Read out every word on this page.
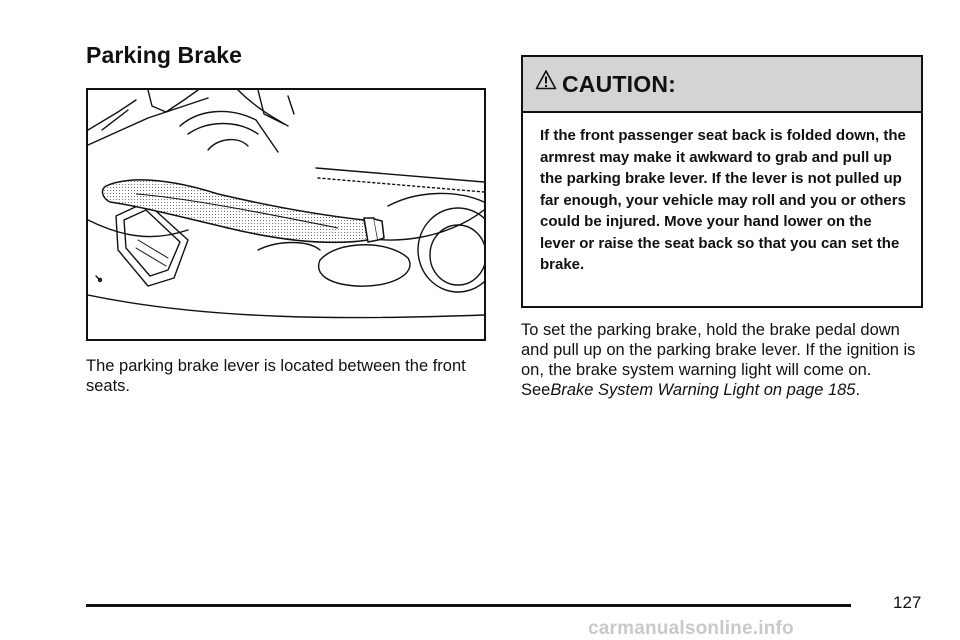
Parking Brake

The parking brake lever is located between the front seats.

CAUTION:

If the front passenger seat back is folded down, the armrest may make it awkward to grab and pull up the parking brake lever. If the lever is not pulled up far enough, your vehicle may roll and you or others could be injured. Move your hand lower on the lever or raise the seat back so that you can set the brake.

To set the parking brake, hold the brake pedal down and pull up on the parking brake lever. If the ignition is on, the brake system warning light will come on. SeeBrake System Warning Light on page 185.

127
carmanualsonline.info
